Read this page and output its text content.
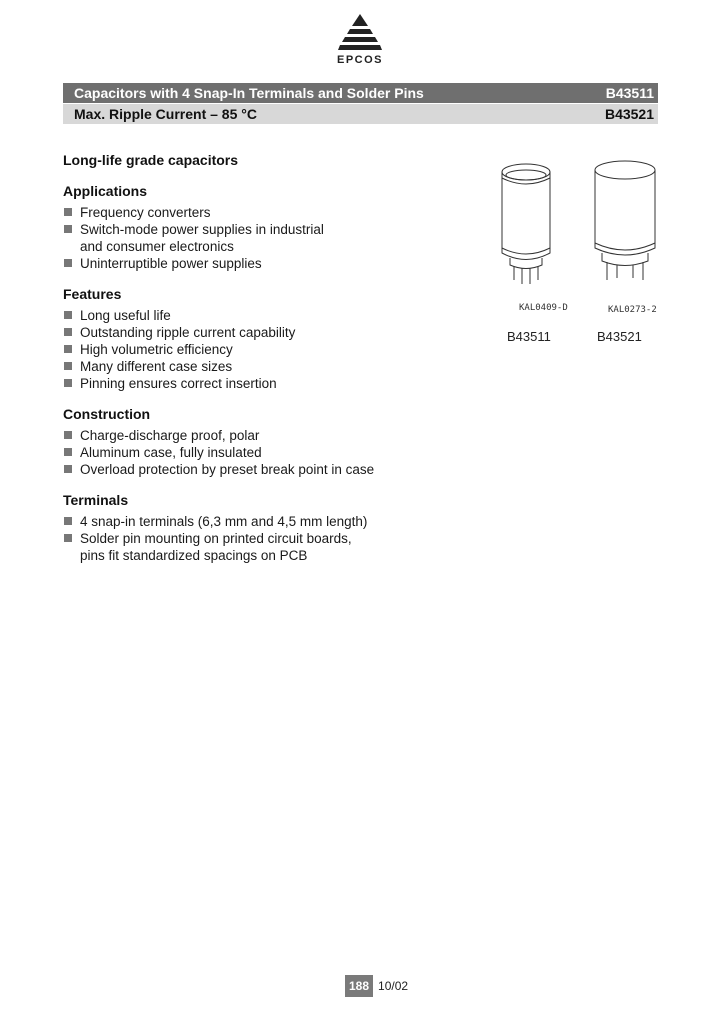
EPCOS
Capacitors with 4 Snap-In Terminals and Solder Pins	B43511
Max. Ripple Current – 85 °C	B43521
Long-life grade capacitors
Applications
Frequency converters
Switch-mode power supplies in industrial
and consumer electronics
Uninterruptible power supplies
Features
Long useful life
Outstanding ripple current capability
High volumetric efficiency
Many different case sizes
Pinning ensures correct insertion
Construction
Charge-discharge proof, polar
Aluminum case, fully insulated
Overload protection by preset break point in case
Terminals
4 snap-in terminals (6,3 mm and 4,5 mm length)
Solder pin mounting on printed circuit boards,
pins fit standardized spacings on PCB
KAL0409-D	KAL0273-2
B43511	B43521
188 10/02
